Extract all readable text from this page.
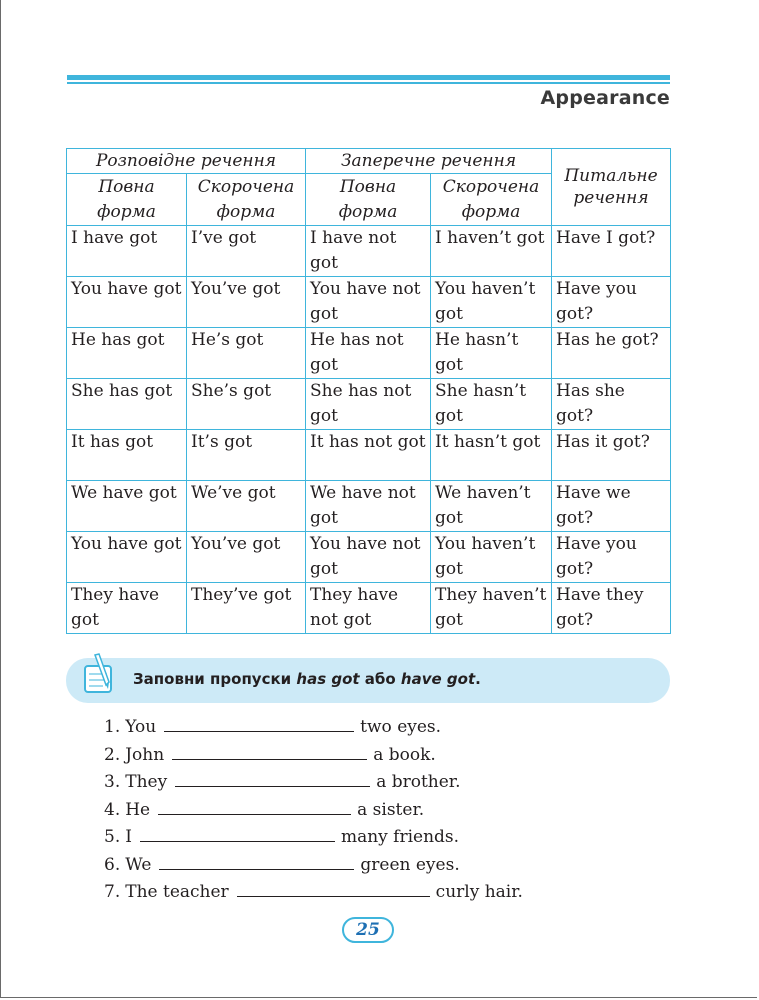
Appearance
Розповідне речення		Заперечне речення		Питальне речення
Повна форма	Скорочена форма	Повна форма	Скорочена форма	
I have got	I’ve got	I have not got	I haven’t got	Have I got?
You have got	You’ve got	You have not got	You haven’t got	Have you got?
He has got	He’s got	He has not got	He hasn’t got	Has he got?
She has got	She’s got	She has not got	She hasn’t got	Has she got?
It has got	It’s got	It has not got	It hasn’t got	Has it got?
We have got	We’ve got	We have not got	We haven’t got	Have we got?
You have got	You’ve got	You have not got	You haven’t got	Have you got?
They have got	They’ve got	They have not got	They haven’t got	Have they got?
Заповни пропуски has got або have got.
1. You	two eyes.
2. John	a book.
3. They	a brother.
4. He	a sister.
5. I	many friends.
6. We	green eyes.
7. The teacher	curly hair.
25
